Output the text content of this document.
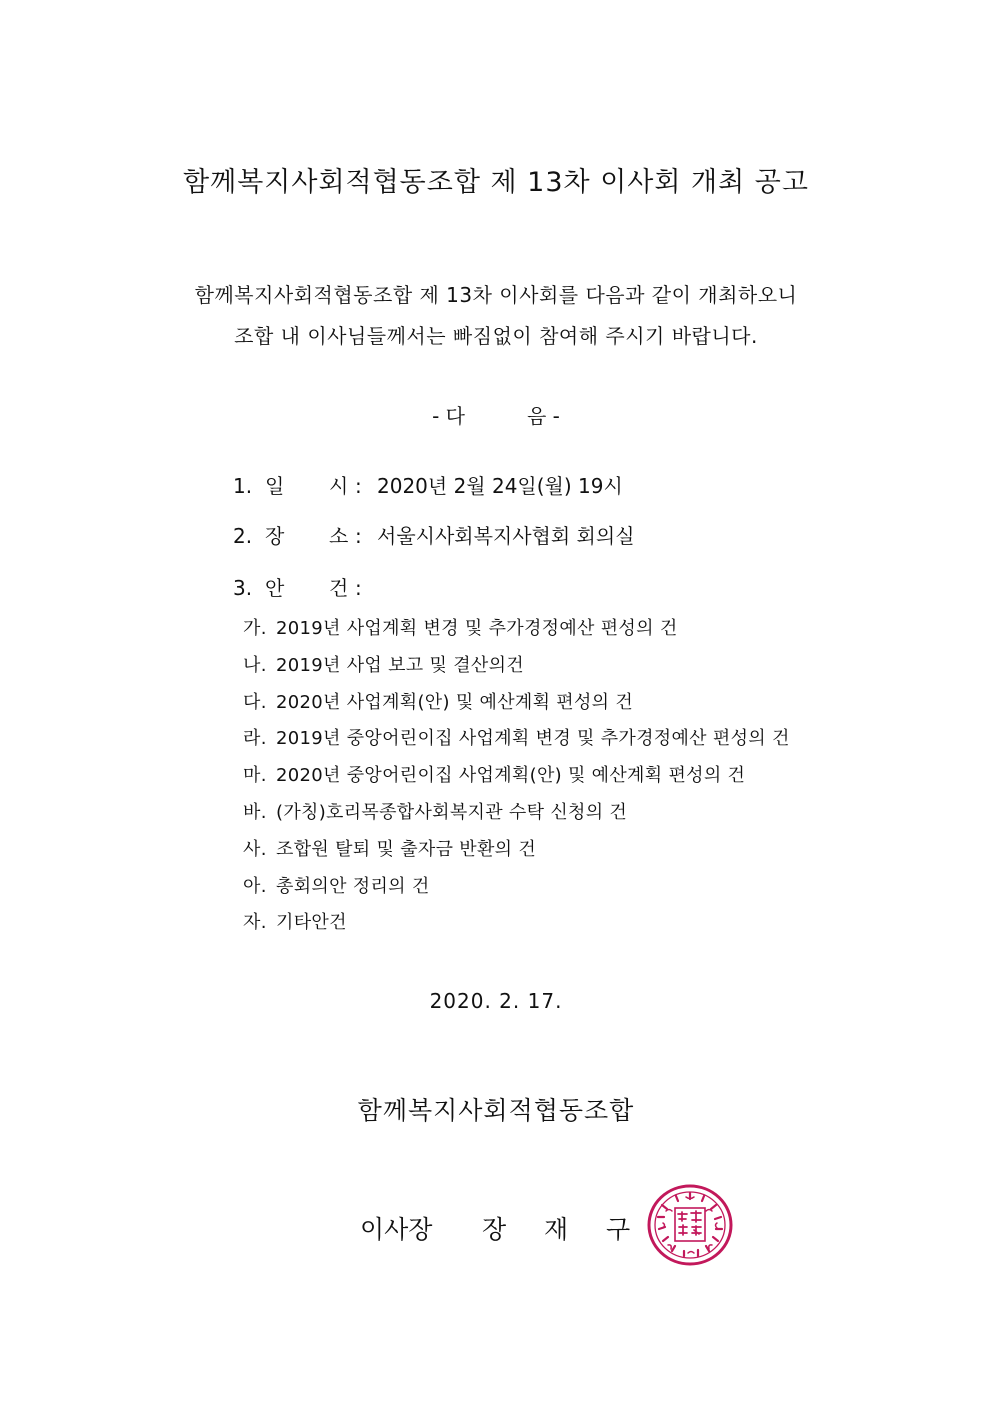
함께복지사회적협동조합 제 13차 이사회 개최 공고
함께복지사회적협동조합 제 13차 이사회를 다음과 같이 개최하오니
조합 내 이사님들께서는 빠짐없이 참여해 주시기 바랍니다.
- 다	음 -
1. 일	시 : 2020년 2월 24일(월) 19시
2. 장	소 : 서울시사회복지사협회 회의실
3. 안	건 :
가. 2019년 사업계획 변경 및 추가경정예산 편성의 건
나. 2019년 사업 보고 및 결산의건
다. 2020년 사업계획(안) 및 예산계획 편성의 건
라. 2019년 중앙어린이집 사업계획 변경 및 추가경정예산 편성의 건
마. 2020년 중앙어린이집 사업계획(안) 및 예산계획 편성의 건
바. (가칭)호리목종합사회복지관 수탁 신청의 건
사. 조합원 탈퇴 및 출자금 반환의 건
아. 총회의안 정리의 건
자. 기타안건
2020. 2. 17.
함께복지사회적협동조합
이사장	장	재	구
